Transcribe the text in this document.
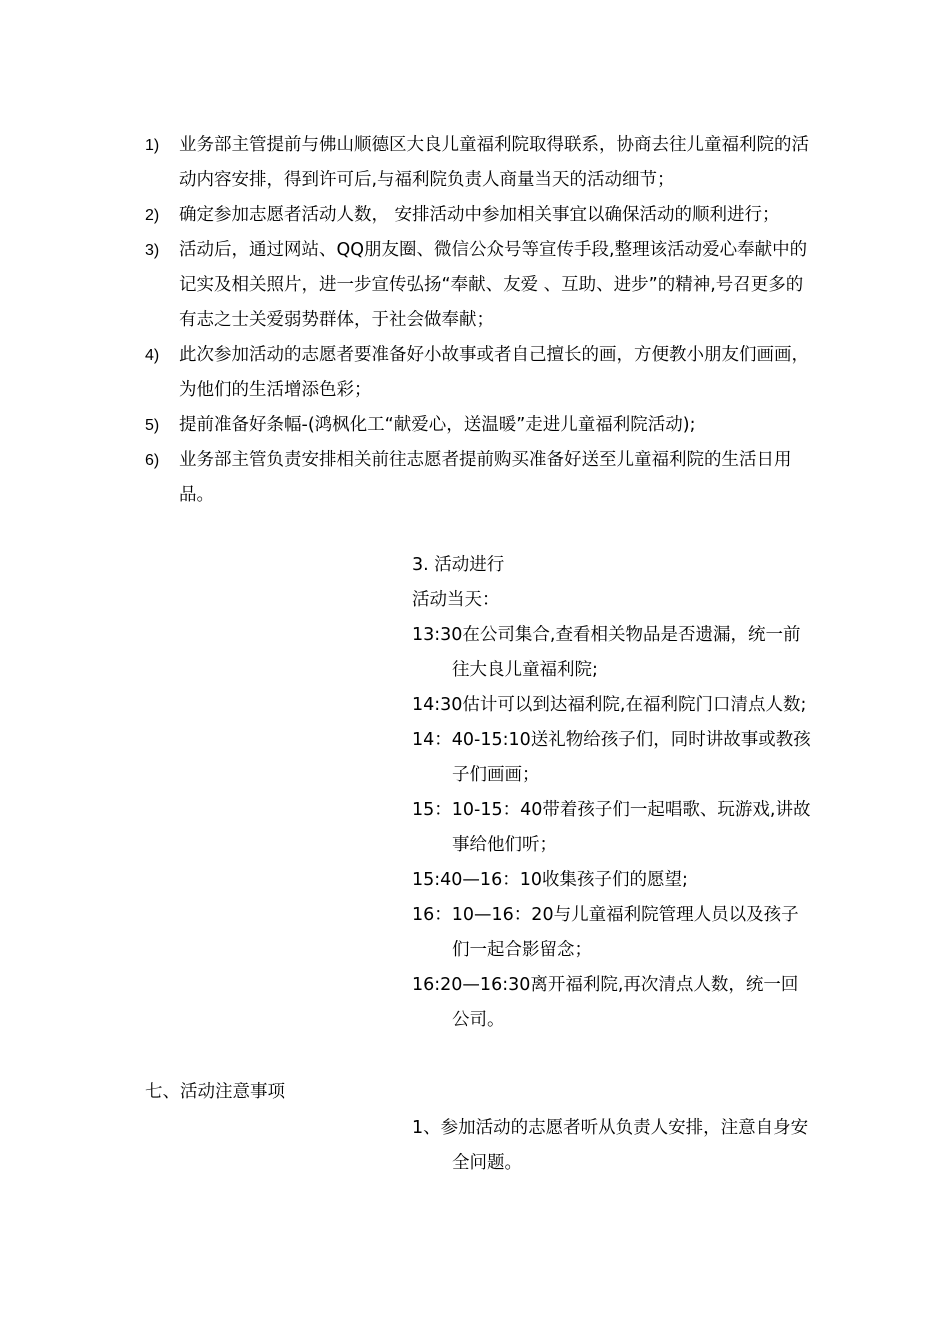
1) 业务部主管提前与佛山顺德区大良儿童福利院取得联系，协商去往儿童福利院的活动内容安排，得到许可后,与福利院负责人商量当天的活动细节；
2) 确定参加志愿者活动人数， 安排活动中参加相关事宜以确保活动的顺利进行；
3) 活动后，通过网站、QQ朋友圈、微信公众号等宣传手段,整理该活动爱心奉献中的记实及相关照片，进一步宣传弘扬“奉献、友爱 、互助、进步”的精神,号召更多的有志之士关爱弱势群体，于社会做奉献；
4) 此次参加活动的志愿者要准备好小故事或者自己擅长的画，方便教小朋友们画画，为他们的生活增添色彩；
5) 提前准备好条幅-(鸿枫化工“献爱心，送温暖”走进儿童福利院活动);
6) 业务部主管负责安排相关前往志愿者提前购买准备好送至儿童福利院的生活日用品。

3. 活动进行

活动当天：

13:30在公司集合,查看相关物品是否遗漏，统一前往大良儿童福利院;

14:30估计可以到达福利院,在福利院门口清点人数;

14：40-15:10送礼物给孩子们，同时讲故事或教孩子们画画；

15：10-15：40带着孩子们一起唱歌、玩游戏,讲故事给他们听；

15:40—16：10收集孩子们的愿望;

16：10—16：20与儿童福利院管理人员以及孩子们一起合影留念；

16:20—16:30离开福利院,再次清点人数，统一回公司。

七、活动注意事项

1、参加活动的志愿者听从负责人安排，注意自身安全问题。
